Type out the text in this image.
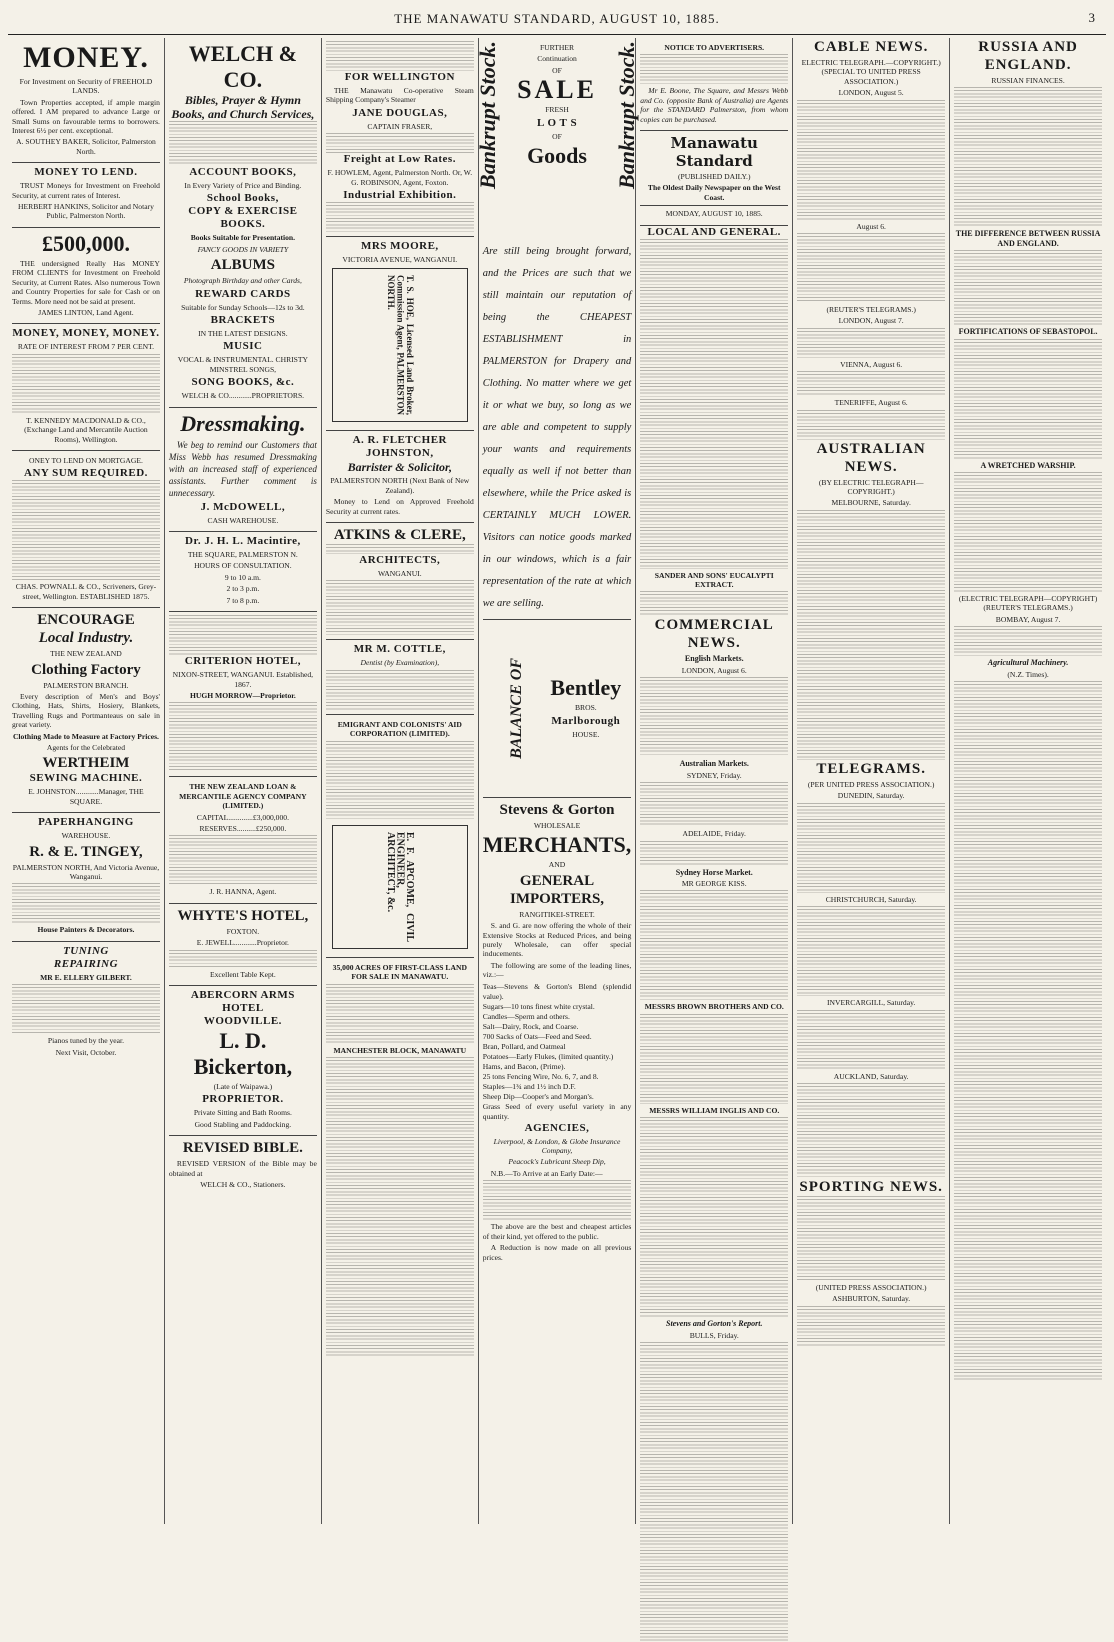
THE MANAWATU STANDARD, AUGUST 10, 1885.	3
MONEY.
For Investment on Security of FREEHOLD LANDS.
Town Properties accepted, if ample margin offered. I AM prepared to advance Large or Small Sums on favourable terms to borrowers. Interest 6½ per cent. exceptional.
A. SOUTHEY BAKER, Solicitor, Palmerston North.
MONEY TO LEND.
TRUST Moneys for Investment on Freehold Security, at current rates of Interest.
HERBERT HANKINS, Solicitor and Notary Public, Palmerston North.
£500,000.
THE undersigned Really Has MONEY FROM CLIENTS for Investment on Freehold Security, at Current Rates. Also numerous Town and Country Properties for sale for Cash or on Terms. More need not be said at present.
JAMES LINTON, Land Agent.
MONEY, MONEY, MONEY.
RATE OF INTEREST FROM 7 PER CENT.
T. KENNEDY MACDONALD & CO., (Exchange Land and Mercantile Auction Rooms), Wellington.
ONEY TO LEND ON MORTGAGE.
ANY SUM REQUIRED.
CHAS. POWNALL & CO., Scriveners, Grey-street, Wellington. ESTABLISHED 1875.
ENCOURAGE
Local Industry.
THE NEW ZEALAND
Clothing Factory
PALMERSTON BRANCH.
Every description of Men's and Boys' Clothing, Hats, Shirts, Hosiery, Blankets, Travelling Rugs and Portmanteaus on sale in great variety.
Clothing Made to Measure at Factory Prices.
Agents for the Celebrated
WERTHEIM
SEWING MACHINE.
E. JOHNSTON............Manager, THE SQUARE.
PAPERHANGING
WAREHOUSE.
R. & E. TINGEY,
PALMERSTON NORTH, And Victoria Avenue, Wanganui.
House Painters & Decorators.
TUNING
REPAIRING
MR E. ELLERY GILBERT.
Pianos tuned by the year.
Next Visit, October.
WELCH & CO.
Bibles, Prayer & Hymn Books, and Church Services,
ACCOUNT BOOKS,
In Every Variety of Price and Binding.
School Books,
COPY & EXERCISE BOOKS.
Books Suitable for Presentation.
FANCY GOODS IN VARIETY
ALBUMS
Photograph Birthday and other Cards,
REWARD CARDS
Suitable for Sunday Schools—12s to 3d.
BRACKETS
IN THE LATEST DESIGNS.
MUSIC
VOCAL & INSTRUMENTAL. CHRISTY MINSTREL SONGS,
SONG BOOKS, &c.
WELCH & CO............PROPRIETORS.
Dressmaking.
We beg to remind our Customers that Miss Webb has resumed Dressmaking with an increased staff of experienced assistants. Further comment is unnecessary.
J. McDOWELL,
CASH WAREHOUSE.
Dr. J. H. L. Macintire,
THE SQUARE, PALMERSTON N.
HOURS OF CONSULTATION.
9 to 10 a.m.
2 to 3 p.m.
7 to 8 p.m.
CRITERION HOTEL,
NIXON-STREET, WANGANUI. Established, 1867.
HUGH MORROW—Proprietor.
THE NEW ZEALAND LOAN & MERCANTILE AGENCY COMPANY (LIMITED.)
CAPITAL.............£3,000,000.
RESERVES..........£250,000.
J. R. HANNA, Agent.
WHYTE'S HOTEL,
FOXTON.
E. JEWELL............Proprietor.
Excellent Table Kept.
ABERCORN ARMS HOTEL
WOODVILLE.
L. D. Bickerton,
(Late of Waipawa.)
PROPRIETOR.
Private Sitting and Bath Rooms.
Good Stabling and Paddocking.
REVISED BIBLE.
REVISED VERSION of the Bible may be obtained at
WELCH & CO., Stationers.
FOR WELLINGTON
THE Manawatu Co-operative Steam Shipping Company's Steamer
JANE DOUGLAS,
CAPTAIN FRASER,
Freight at Low Rates.
F. HOWLEM, Agent, Palmerston North. Or, W. G. ROBINSON, Agent, Foxton.
Industrial Exhibition.
MRS MOORE,
VICTORIA AVENUE, WANGANUI.
T. S. HOE, Licensed Land Broker, Commission Agent, PALMERSTON NORTH.
A. R. FLETCHER JOHNSTON,
Barrister & Solicitor,
PALMERSTON NORTH (Next Bank of New Zealand).
Money to Lend on Approved Freehold Security at current rates.
ATKINS & CLERE,
ARCHITECTS,
WANGANUI.
MR M. COTTLE,
Dentist (by Examination),
EMIGRANT AND COLONISTS' AID CORPORATION (LIMITED).
E. F. APCOME, CIVIL ENGINEER, ARCHITECT, &c.
35,000 ACRES OF FIRST-CLASS LAND FOR SALE IN MANAWATU.
MANCHESTER BLOCK, MANAWATU
Bankrupt Stock.	FURTHER
Continuation
OF
SALE
FRESH
L O T S
OF
Goods	Bankrupt Stock.
Are still being brought forward, and the Prices are such that we still maintain our reputation of being the CHEAPEST ESTABLISHMENT in PALMERSTON for Drapery and Clothing. No matter where we get it or what we buy, so long as we are able and competent to supply your wants and requirements equally as well if not better than elsewhere, while the Price asked is CERTAINLY MUCH LOWER. Visitors can notice goods marked in our windows, which is a fair representation of the rate at which we are selling.
BALANCE OF Bentley
BROS.
Marlborough
HOUSE.
Stevens & Gorton
WHOLESALE
MERCHANTS,
AND
GENERAL IMPORTERS,
RANGITIKEI-STREET.
S. and G. are now offering the whole of their Extensive Stocks at Reduced Prices, and being purely Wholesale, can offer special inducements.
The following are some of the leading lines, viz.:—
Teas—Stevens & Gorton's Blend (splendid value).
Sugars—10 tons finest white crystal.
Candles—Sperm and others.
Salt—Dairy, Rock, and Coarse.
700 Sacks of Oats—Feed and Seed.
Bran, Pollard, and Oatmeal
Potatoes—Early Flukes, (limited quantity.)
Hams, and Bacon, (Prime).
25 tons Fencing Wire, No. 6, 7, and 8.
Staples—1¾ and 1½ inch D.F.
Sheep Dip—Cooper's and Morgan's.
Grass Seed of every useful variety in any quantity.
AGENCIES,
Liverpool, & London, & Globe Insurance Company,
Peacock's Lubricant Sheep Dip,
N.B.—To Arrive at an Early Date:—
The above are the best and cheapest articles of their kind, yet offered to the public.
A Reduction is now made on all previous prices.
NOTICE TO ADVERTISERS.
Mr E. Boone, The Square, and Messrs Webb and Co. (opposite Bank of Australia) are Agents for the STANDARD Palmerston, from whom copies can be purchased.
Manawatu Standard
(PUBLISHED DAILY.)
The Oldest Daily Newspaper on the West Coast.
MONDAY, AUGUST 10, 1885.
LOCAL AND GENERAL.
SANDER AND SONS' EUCALYPTI EXTRACT.
COMMERCIAL NEWS.
English Markets.
LONDON, August 6.
Australian Markets.
SYDNEY, Friday.
ADELAIDE, Friday.
Sydney Horse Market.
MR GEORGE KISS.
MESSRS BROWN BROTHERS AND CO.
MESSRS WILLIAM INGLIS AND CO.
Stevens and Gorton's Report.
BULLS, Friday.
CABLE NEWS.
ELECTRIC TELEGRAPH.—COPYRIGHT.) (SPECIAL TO UNITED PRESS ASSOCIATION.)
LONDON, August 5.
August 6.
(REUTER'S TELEGRAMS.)
LONDON, August 7.
VIENNA, August 6.
TENERIFFE, August 6.
AUSTRALIAN NEWS.
(BY ELECTRIC TELEGRAPH—COPYRIGHT.)
MELBOURNE, Saturday.
TELEGRAMS.
(PER UNITED PRESS ASSOCIATION.)
DUNEDIN, Saturday.
CHRISTCHURCH, Saturday.
INVERCARGILL, Saturday.
AUCKLAND, Saturday.
SPORTING NEWS.
(UNITED PRESS ASSOCIATION.)
ASHBURTON, Saturday.
RUSSIA AND ENGLAND.
RUSSIAN FINANCES.
THE DIFFERENCE BETWEEN RUSSIA AND ENGLAND.
FORTIFICATIONS OF SEBASTOPOL.
A WRETCHED WARSHIP.
(ELECTRIC TELEGRAPH—COPYRIGHT) (REUTER'S TELEGRAMS.)
BOMBAY, August 7.
Agricultural Machinery.
(N.Z. Times).
